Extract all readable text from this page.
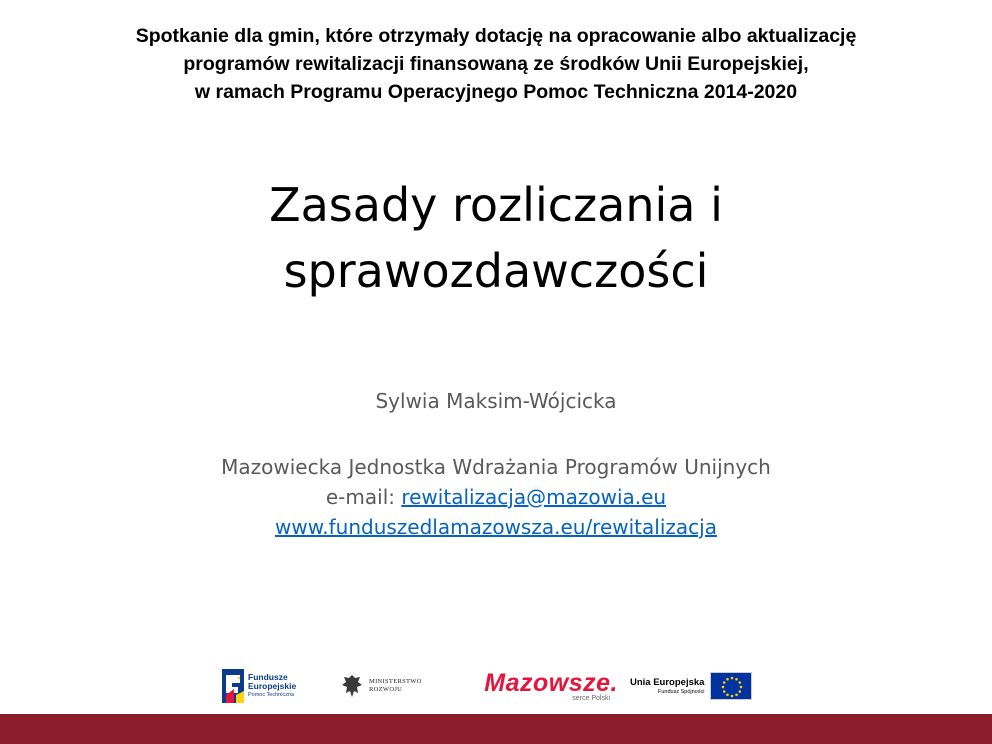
Spotkanie dla gmin, które otrzymały dotację na opracowanie albo aktualizację
programów rewitalizacji finansowaną ze środków Unii Europejskiej,
w ramach Programu Operacyjnego Pomoc Techniczna 2014-2020
Zasady rozliczania i
sprawozdawczości
Sylwia Maksim-Wójcicka
Mazowiecka Jednostka Wdrażania Programów Unijnych
e-mail: rewitalizacja@mazowia.eu
www.funduszedlamazowsza.eu/rewitalizacja
Fundusze
Europejskie
Pomoc Techniczna
MINISTERSTWO
ROZWOJU	Mazowsze.
serce Polski
Unia Europejska
Fundusz Spójności
